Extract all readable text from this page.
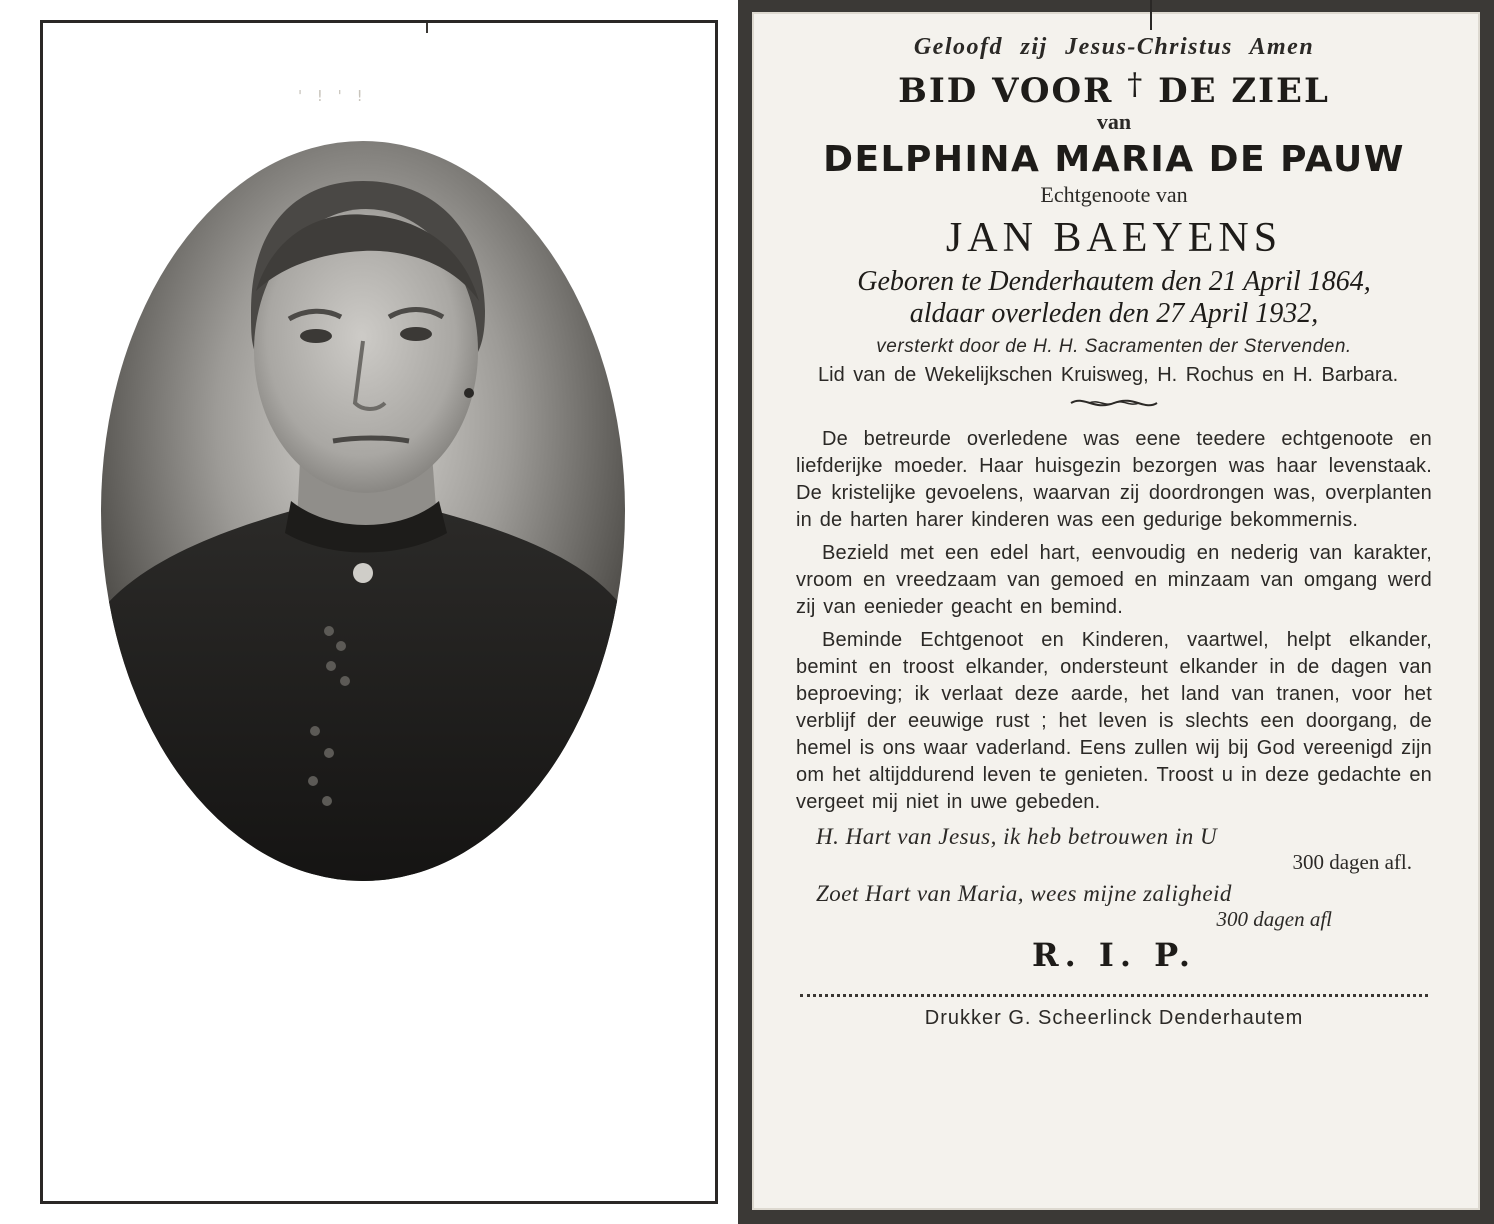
' ! ' !
Geloofd zij Jesus-Christus Amen
BID VOOR † DE ZIEL
van
DELPHINA MARIA DE PAUW
Echtgenoote van
JAN BAEYENS
Geboren te Denderhautem den 21 April 1864,
aldaar overleden den 27 April 1932,
versterkt door de H. H. Sacramenten der Stervenden.
Lid van de Wekelijkschen Kruisweg, H. Rochus en H. Barbara.
De betreurde overledene was eene teedere echtgenoote en liefderijke moeder. Haar huisgezin bezorgen was haar levenstaak. De kristelijke gevoelens, waarvan zij doordrongen was, overplanten in de harten harer kinderen was een gedurige bekommernis.
Bezield met een edel hart, eenvoudig en nederig van karakter, vroom en vreedzaam van gemoed en minzaam van omgang werd zij van eenieder geacht en bemind.
Beminde Echtgenoot en Kinderen, vaartwel, helpt elkander, bemint en troost elkander, ondersteunt elkander in de dagen van beproeving; ik verlaat deze aarde, het land van tranen, voor het verblijf der eeuwige rust ; het leven is slechts een doorgang, de hemel is ons waar vaderland. Eens zullen wij bij God vereenigd zijn om het altijddurend leven te genieten. Troost u in deze gedachte en vergeet mij niet in uwe gebeden.
H. Hart van Jesus, ik heb betrouwen in U
300 dagen afl.
Zoet Hart van Maria, wees mijne zaligheid
300 dagen afl
R. I. P.
Drukker G. Scheerlinck Denderhautem
